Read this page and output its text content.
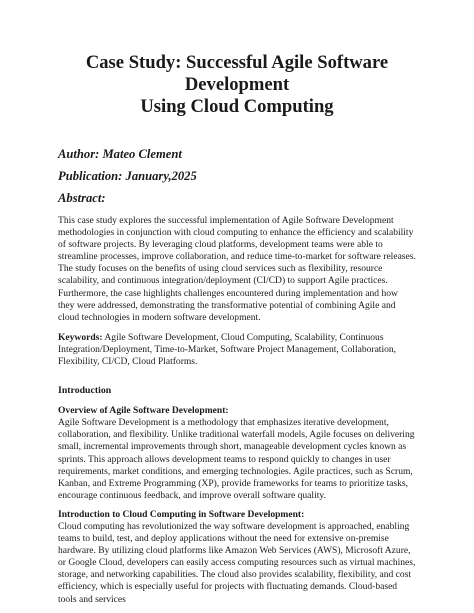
Case Study: Successful Agile Software Development
Using Cloud Computing
Author: Mateo Clement
Publication: January,2025
Abstract:

This case study explores the successful implementation of Agile Software Development methodologies in conjunction with cloud computing to enhance the efficiency and scalability of software projects. By leveraging cloud platforms, development teams were able to streamline processes, improve collaboration, and reduce time-to-market for software releases. The study focuses on the benefits of using cloud services such as flexibility, resource scalability, and continuous integration/deployment (CI/CD) to support Agile practices. Furthermore, the case highlights challenges encountered during implementation and how they were addressed, demonstrating the transformative potential of combining Agile and cloud technologies in modern software development.

Keywords: Agile Software Development, Cloud Computing, Scalability, Continuous Integration/Deployment, Time-to-Market, Software Project Management, Collaboration, Flexibility, CI/CD, Cloud Platforms.

Introduction
Overview of Agile Software Development:

Agile Software Development is a methodology that emphasizes iterative development, collaboration, and flexibility. Unlike traditional waterfall models, Agile focuses on delivering small, incremental improvements through short, manageable development cycles known as sprints. This approach allows development teams to respond quickly to changes in user requirements, market conditions, and emerging technologies. Agile practices, such as Scrum, Kanban, and Extreme Programming (XP), provide frameworks for teams to prioritize tasks, encourage continuous feedback, and improve overall software quality.

Introduction to Cloud Computing in Software Development:

Cloud computing has revolutionized the way software development is approached, enabling teams to build, test, and deploy applications without the need for extensive on-premise hardware. By utilizing cloud platforms like Amazon Web Services (AWS), Microsoft Azure, or Google Cloud, developers can easily access computing resources such as virtual machines, storage, and networking capabilities. The cloud also provides scalability, flexibility, and cost efficiency, which is especially useful for projects with fluctuating demands. Cloud-based tools and services
